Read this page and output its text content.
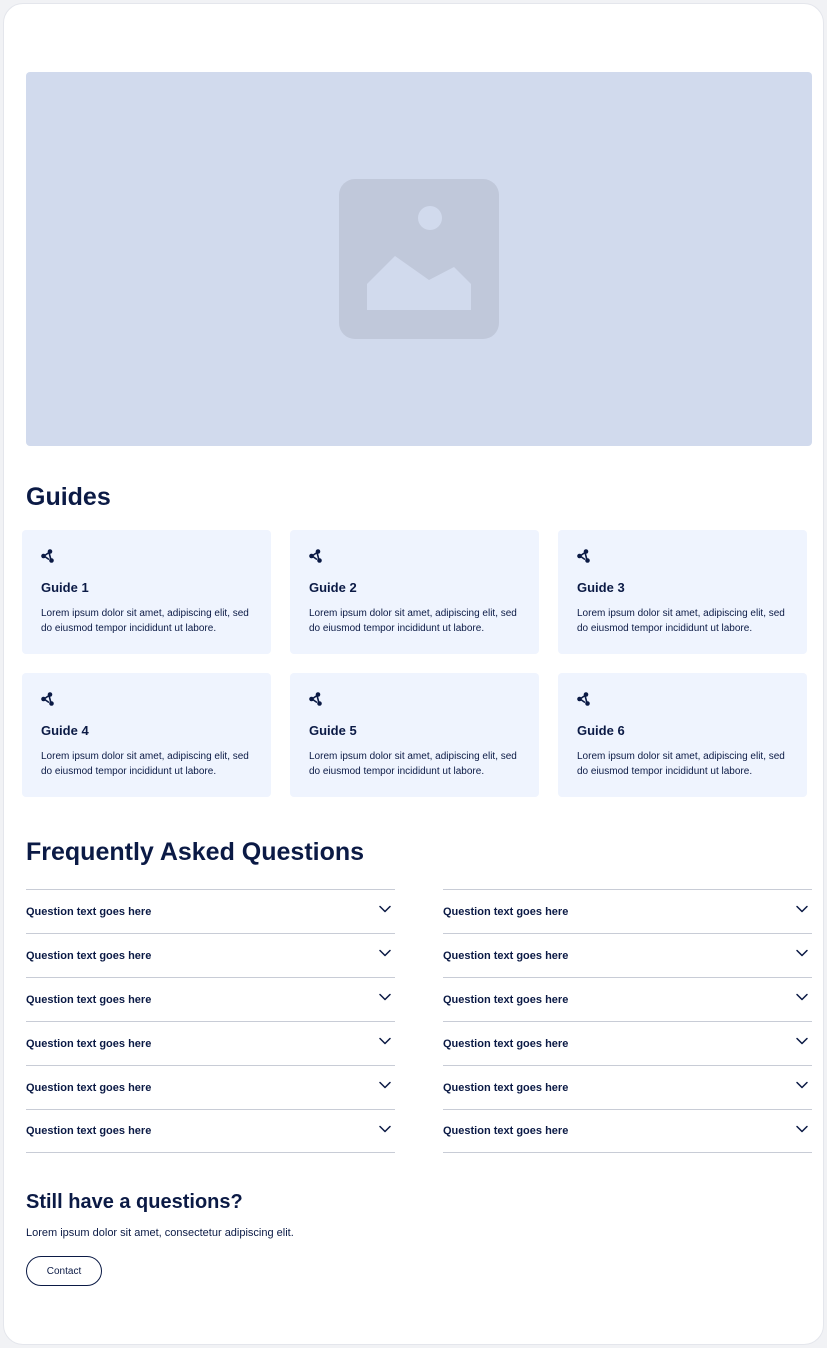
Guides
Guide 1
Lorem ipsum dolor sit amet, adipiscing elit, sed do eiusmod tempor incididunt ut labore.
Guide 2
Lorem ipsum dolor sit amet, adipiscing elit, sed do eiusmod tempor incididunt ut labore.
Guide 3
Lorem ipsum dolor sit amet, adipiscing elit, sed do eiusmod tempor incididunt ut labore.
Guide 4
Lorem ipsum dolor sit amet, adipiscing elit, sed do eiusmod tempor incididunt ut labore.
Guide 5
Lorem ipsum dolor sit amet, adipiscing elit, sed do eiusmod tempor incididunt ut labore.
Guide 6
Lorem ipsum dolor sit amet, adipiscing elit, sed do eiusmod tempor incididunt ut labore.
Frequently Asked Questions
Question text goes here
Question text goes here
Question text goes here
Question text goes here
Question text goes here
Question text goes here
Question text goes here
Question text goes here
Question text goes here
Question text goes here
Question text goes here
Question text goes here
Still have a questions?

Lorem ipsum dolor sit amet, consectetur adipiscing elit.

Contact
